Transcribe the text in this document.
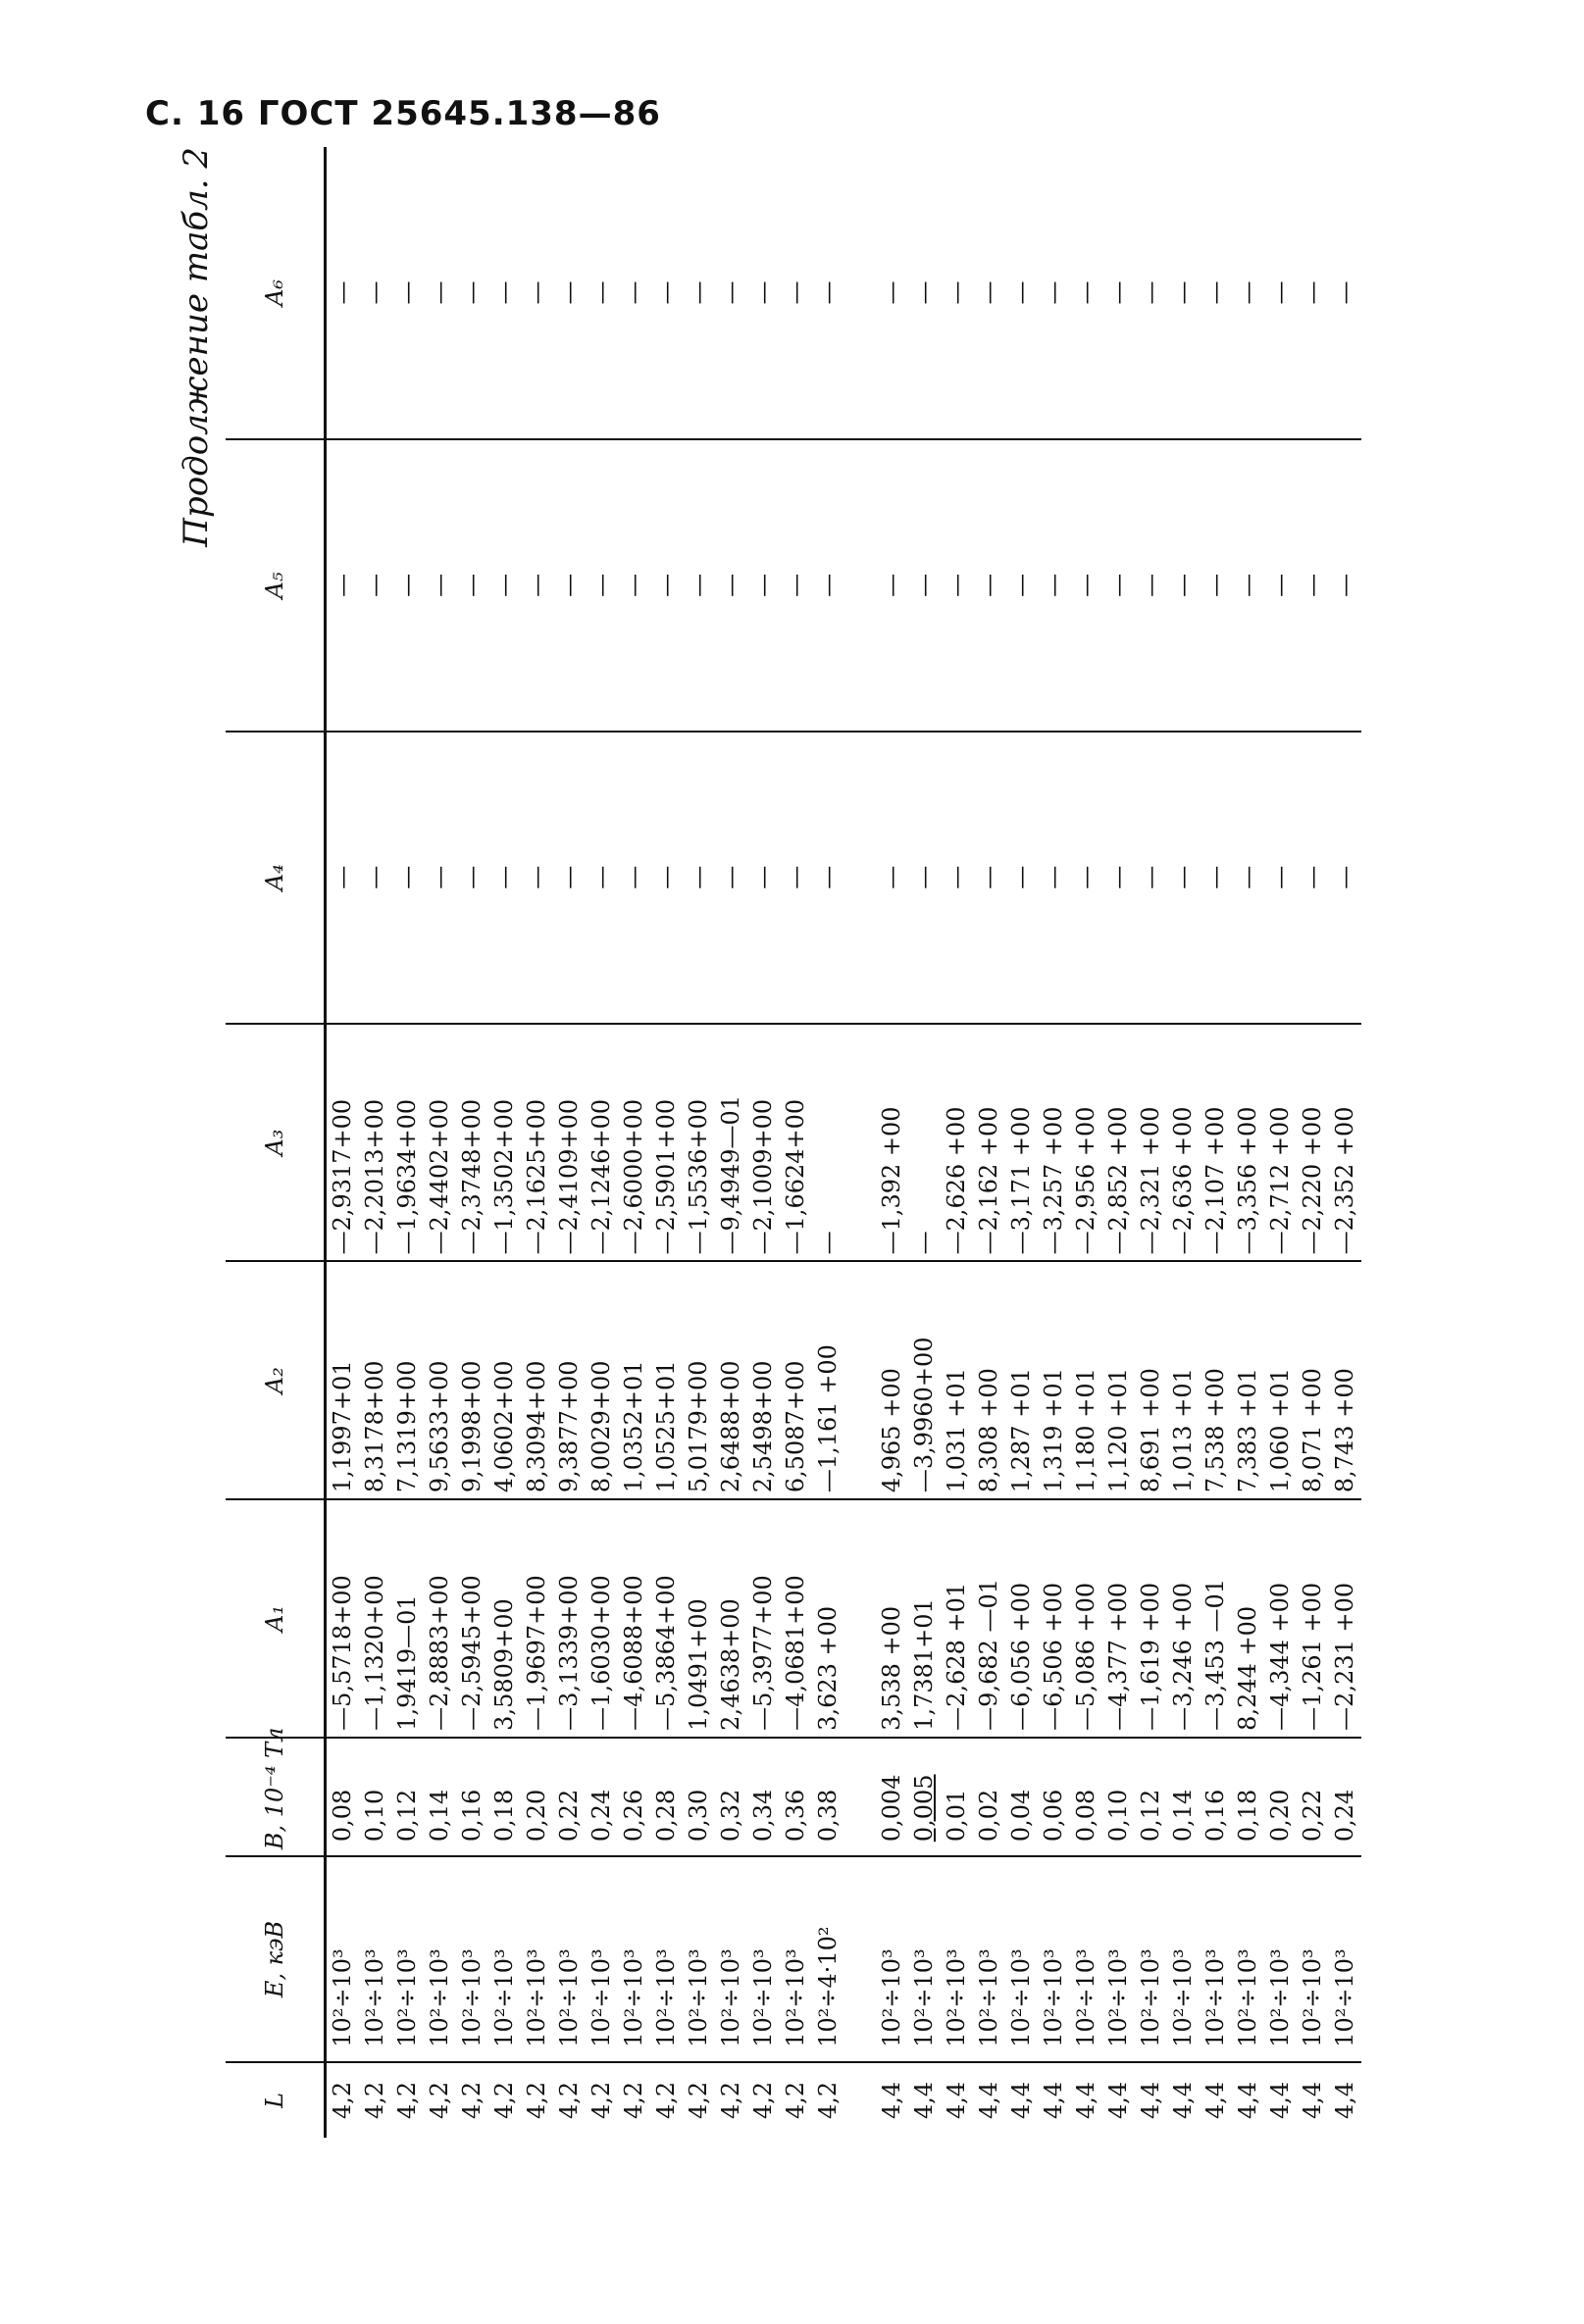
С. 16 ГОСТ 25645.138—86
Продолжение табл. 2
L	E, кэВ	B, 10⁻⁴ Тл	A₁	A₂	A₃	A₄	A₅	A₆
4,2	10²÷10³	0,08	—5,5718+00	1,1997+01	—2,9317+00	—	—	—
4,2	10²÷10³	0,10	—1,1320+00	8,3178+00	—2,2013+00	—	—	—
4,2	10²÷10³	0,12	1,9419—01	7,1319+00	—1,9634+00	—	—	—
4,2	10²÷10³	0,14	—2,8883+00	9,5633+00	—2,4402+00	—	—	—
4,2	10²÷10³	0,16	—2,5945+00	9,1998+00	—2,3748+00	—	—	—
4,2	10²÷10³	0,18	3,5809+00	4,0602+00	—1,3502+00	—	—	—
4,2	10²÷10³	0,20	—1,9697+00	8,3094+00	—2,1625+00	—	—	—
4,2	10²÷10³	0,22	—3,1339+00	9,3877+00	—2,4109+00	—	—	—
4,2	10²÷10³	0,24	—1,6030+00	8,0029+00	—2,1246+00	—	—	—
4,2	10²÷10³	0,26	—4,6088+00	1,0352+01	—2,6000+00	—	—	—
4,2	10²÷10³	0,28	—5,3864+00	1,0525+01	—2,5901+00	—	—	—
4,2	10²÷10³	0,30	1,0491+00	5,0179+00	—1,5536+00	—	—	—
4,2	10²÷10³	0,32	2,4638+00	2,6488+00	—9,4949—01	—	—	—
4,2	10²÷10³	0,34	—5,3977+00	2,5498+00	—2,1009+00	—	—	—
4,2	10²÷10³	0,36	—4,0681+00	6,5087+00	—1,6624+00	—	—	—
4,2	10²÷4·10²	0,38	3,623 +00	—1,161 +00	—	—	—	—

4,4	10²÷10³	0,004	3,538 +00	4,965 +00	—1,392 +00	—	—	—
4,4	10²÷10³	0,005	1,7381+01	—3,9960+00	—	—	—	—
4,4	10²÷10³	0,01	—2,628 +01	1,031 +01	—2,626 +00	—	—	—
4,4	10²÷10³	0,02	—9,682 —01	8,308 +00	—2,162 +00	—	—	—
4,4	10²÷10³	0,04	—6,056 +00	1,287 +01	—3,171 +00	—	—	—
4,4	10²÷10³	0,06	—6,506 +00	1,319 +01	—3,257 +00	—	—	—
4,4	10²÷10³	0,08	—5,086 +00	1,180 +01	—2,956 +00	—	—	—
4,4	10²÷10³	0,10	—4,377 +00	1,120 +01	—2,852 +00	—	—	—
4,4	10²÷10³	0,12	—1,619 +00	8,691 +00	—2,321 +00	—	—	—
4,4	10²÷10³	0,14	—3,246 +00	1,013 +01	—2,636 +00	—	—	—
4,4	10²÷10³	0,16	—3,453 —01	7,538 +00	—2,107 +00	—	—	—
4,4	10²÷10³	0,18	8,244 +00	7,383 +01	—3,356 +00	—	—	—
4,4	10²÷10³	0,20	—4,344 +00	1,060 +01	—2,712 +00	—	—	—
4,4	10²÷10³	0,22	—1,261 +00	8,071 +00	—2,220 +00	—	—	—
4,4	10²÷10³	0,24	—2,231 +00	8,743 +00	—2,352 +00	—	—	—
